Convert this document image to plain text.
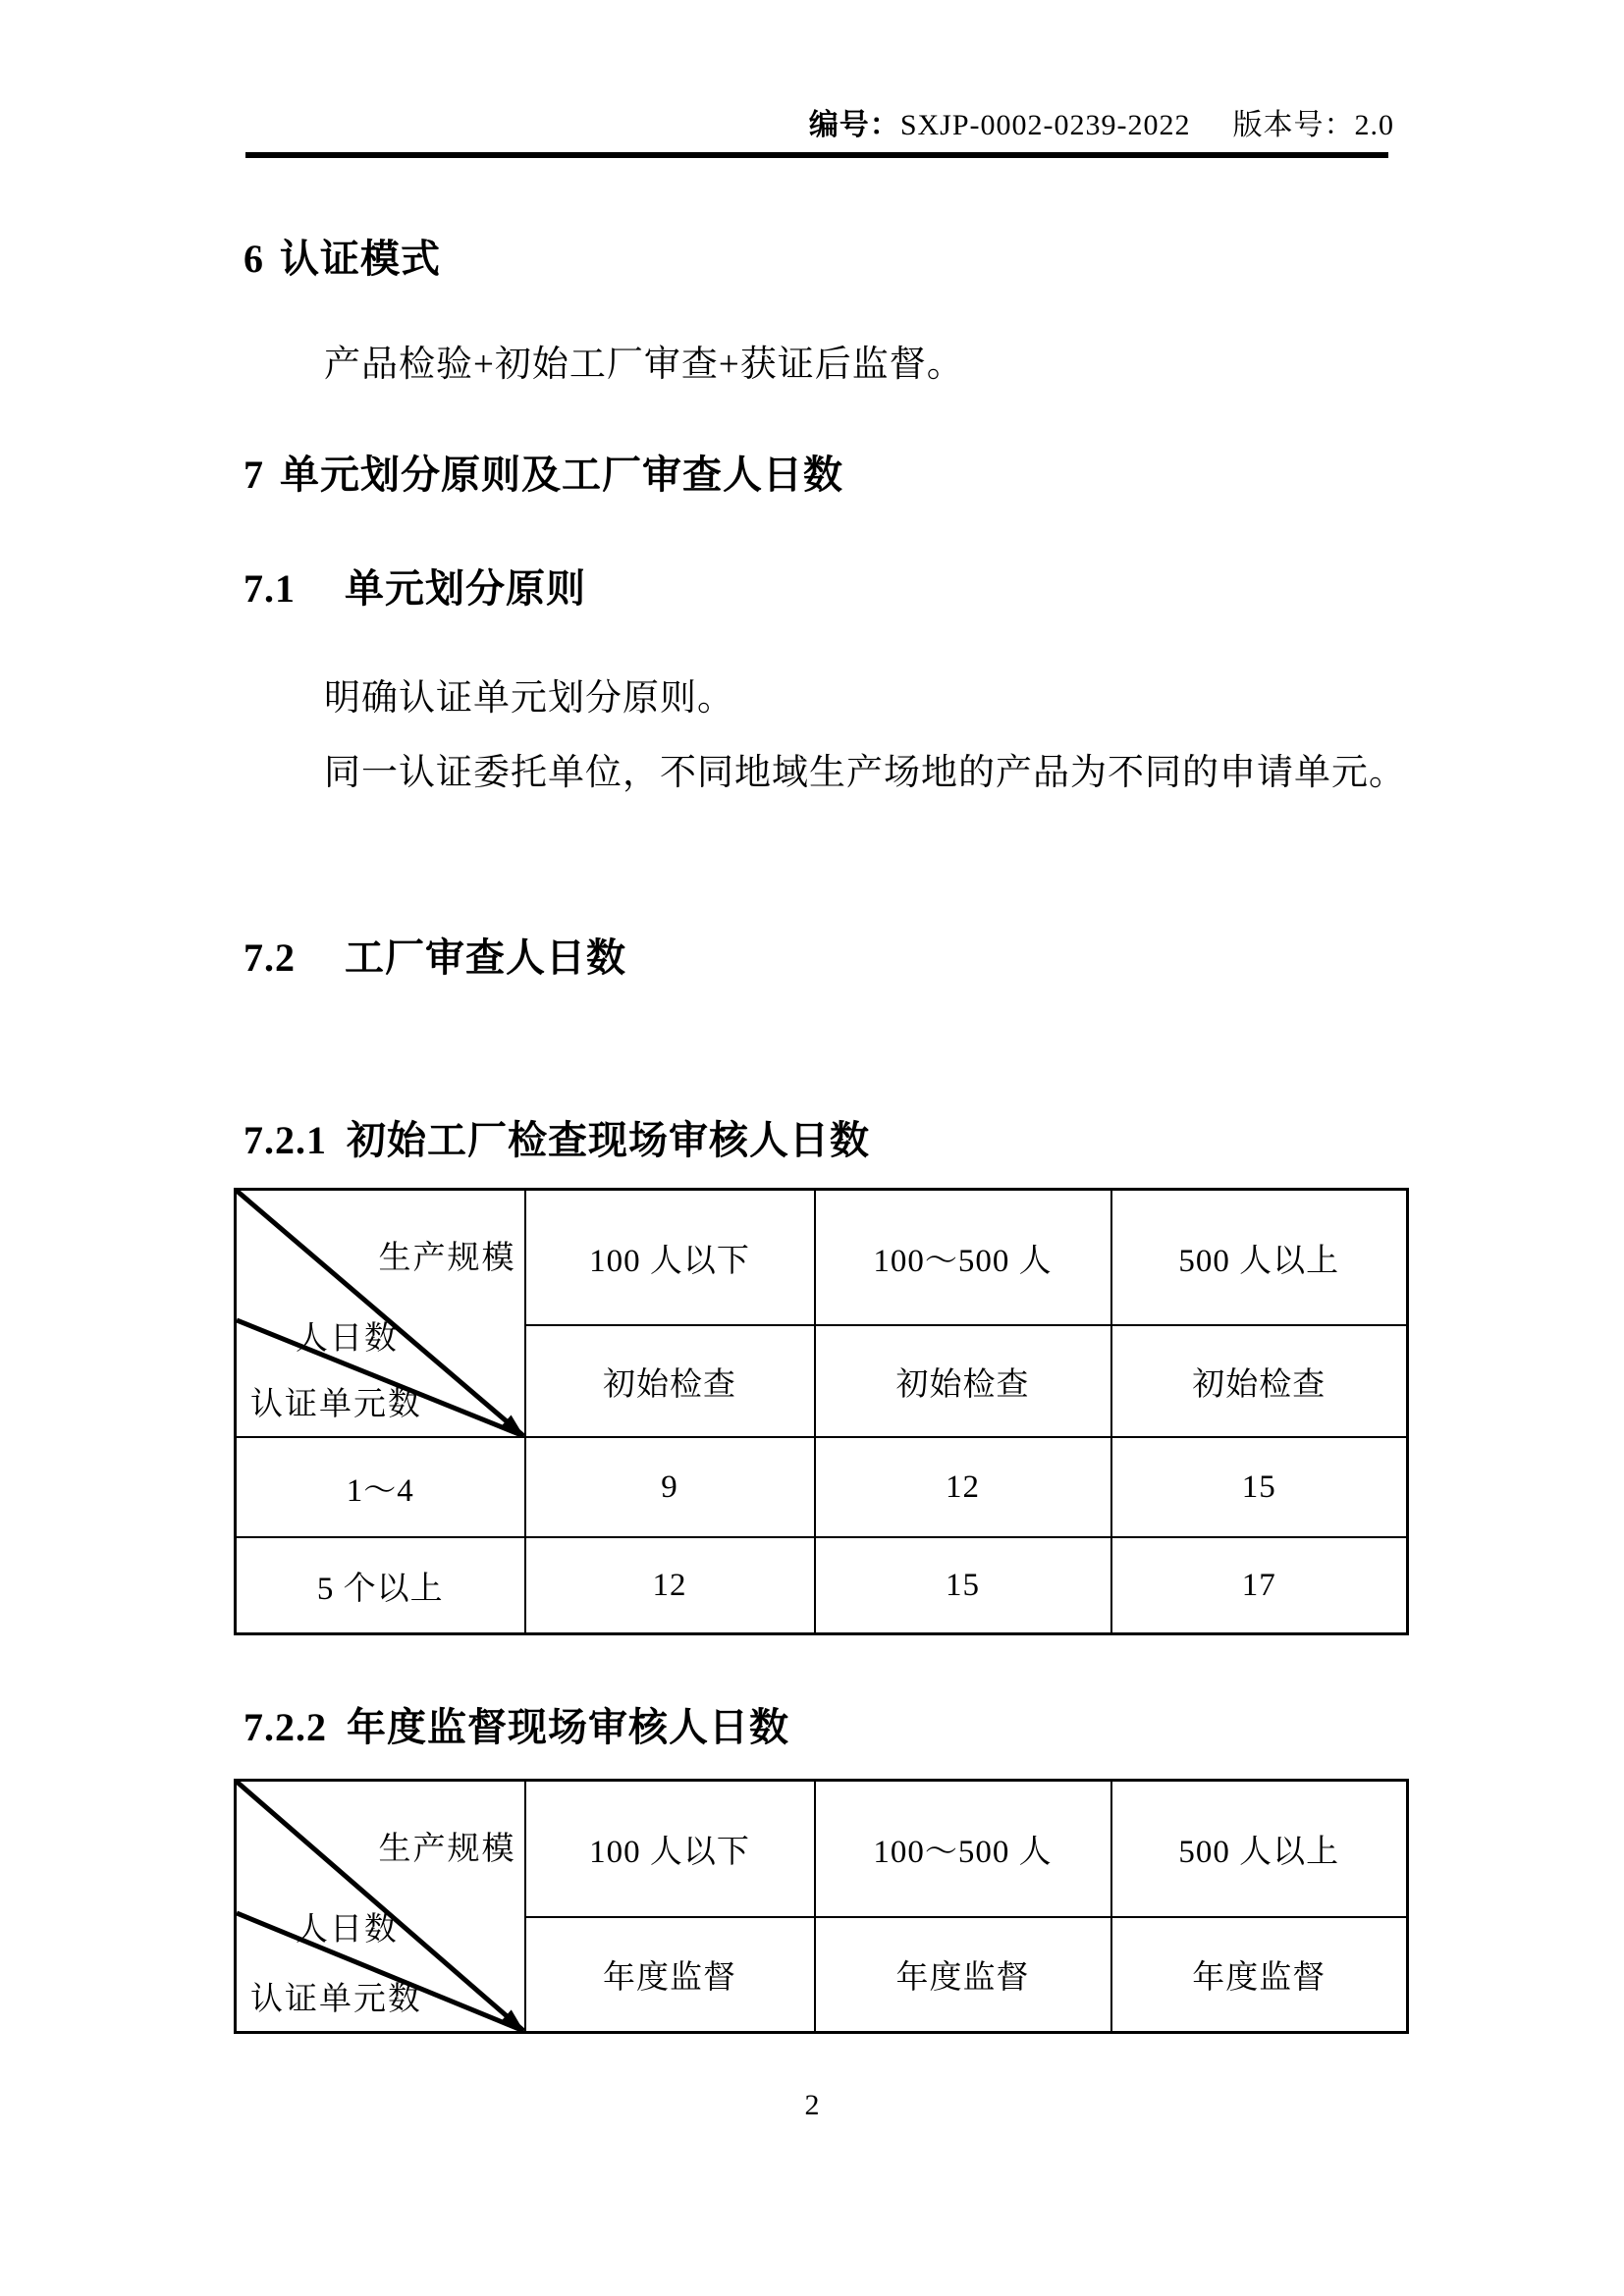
编号：SXJP-0002-0239-2022 版本号：2.0
6 认证模式
产品检验+初始工厂审查+获证后监督。
7 单元划分原则及工厂审查人日数
7.1 单元划分原则
明确认证单元划分原则。
同一认证委托单位，不同地域生产场地的产品为不同的申请单元。
7.2 工厂审查人日数
7.2.1 初始工厂检查现场审核人日数
生产规模
人日数
认证单元数	100 人以下	100～500 人	500 人以上
	初始检查	初始检查	初始检查
1～4	9	12	15
5 个以上	12	15	17
7.2.2 年度监督现场审核人日数
生产规模
人日数
认证单元数	100 人以下	100～500 人	500 人以上
	年度监督	年度监督	年度监督
2
